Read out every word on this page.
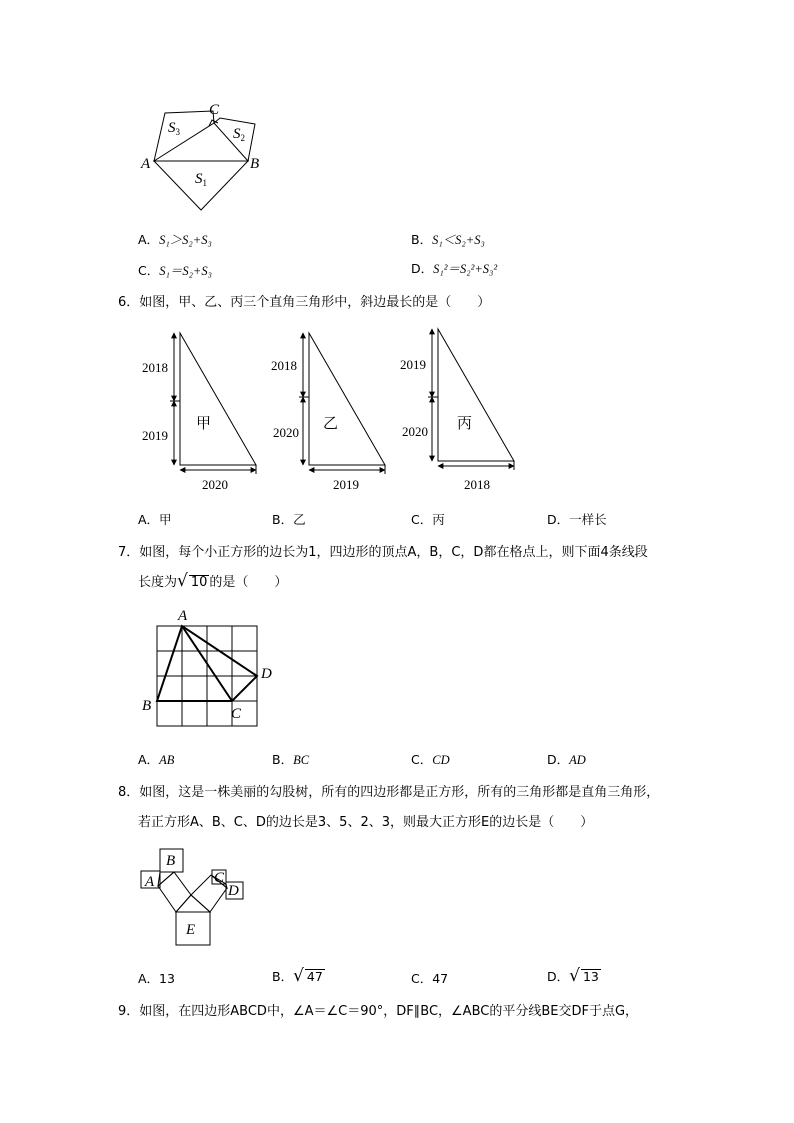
C
A	B
$S_3$	$S_2$
$S_1$
A．S₁＞S₂+S₃	B．S₁＜S₂+S₃
C．S₁＝S₂+S₃	D．S₁²＝S₂²+S₃²
6．如图，甲、乙、丙三个直角三角形中，斜边最长的是（　　）
2018
2019
2020
甲
2018
2020
2019
乙
2019
2020
2018
丙
A．甲	B．乙	C．丙	D．一样长
7．如图，每个小正方形的边长为1，四边形的顶点A，B，C，D都在格点上，则下面4条线段
长度为√ 10 的是（　　）
A
B	C
D
A．AB	B．BC	C．CD	D．AD
8．如图，这是一株美丽的勾股树，所有的四边形都是正方形，所有的三角形都是直角三角形，
若正方形A、B、C、D的边长是3、5、2、3，则最大正方形E的边长是（　　）
B
A	C
D
E
A．13	B．√ 47	C．47	D．√ 13
9．如图，在四边形ABCD中，∠A＝∠C＝90°，DF∥BC，∠ABC的平分线BE交DF于点G，
